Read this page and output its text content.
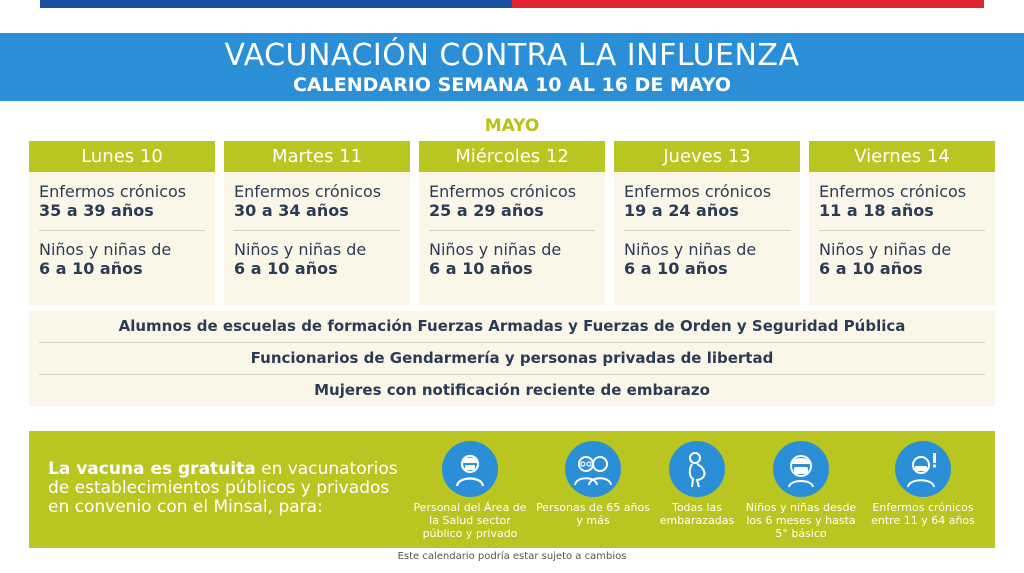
VACUNACIÓN CONTRA LA INFLUENZA
CALENDARIO SEMANA 10 AL 16 DE MAYO
MAYO
Lunes 10
Enfermos crónicos
35 a 39 años
Niños y niñas de
6 a 10 años
Martes 11
Enfermos crónicos
30 a 34 años
Niños y niñas de
6 a 10 años
Miércoles 12
Enfermos crónicos
25 a 29 años
Niños y niñas de
6 a 10 años
Jueves 13
Enfermos crónicos
19 a 24 años
Niños y niñas de
6 a 10 años
Viernes 14
Enfermos crónicos
11 a 18 años
Niños y niñas de
6 a 10 años
Alumnos de escuelas de formación Fuerzas Armadas y Fuerzas de Orden y Seguridad Pública
Funcionarios de Gendarmería y personas privadas de libertad
Mujeres con notificación reciente de embarazo
La vacuna es gratuita en vacunatorios de establecimientos públicos y privados en convenio con el Minsal, para:	Personal del Área de la Salud sector público y privado
Personas de 65 años y más
Todas las embarazadas
Niños y niñas desde los 6 meses y hasta 5° básico
Enfermos crónicos entre 11 y 64 años
Este calendario podría estar sujeto a cambios
